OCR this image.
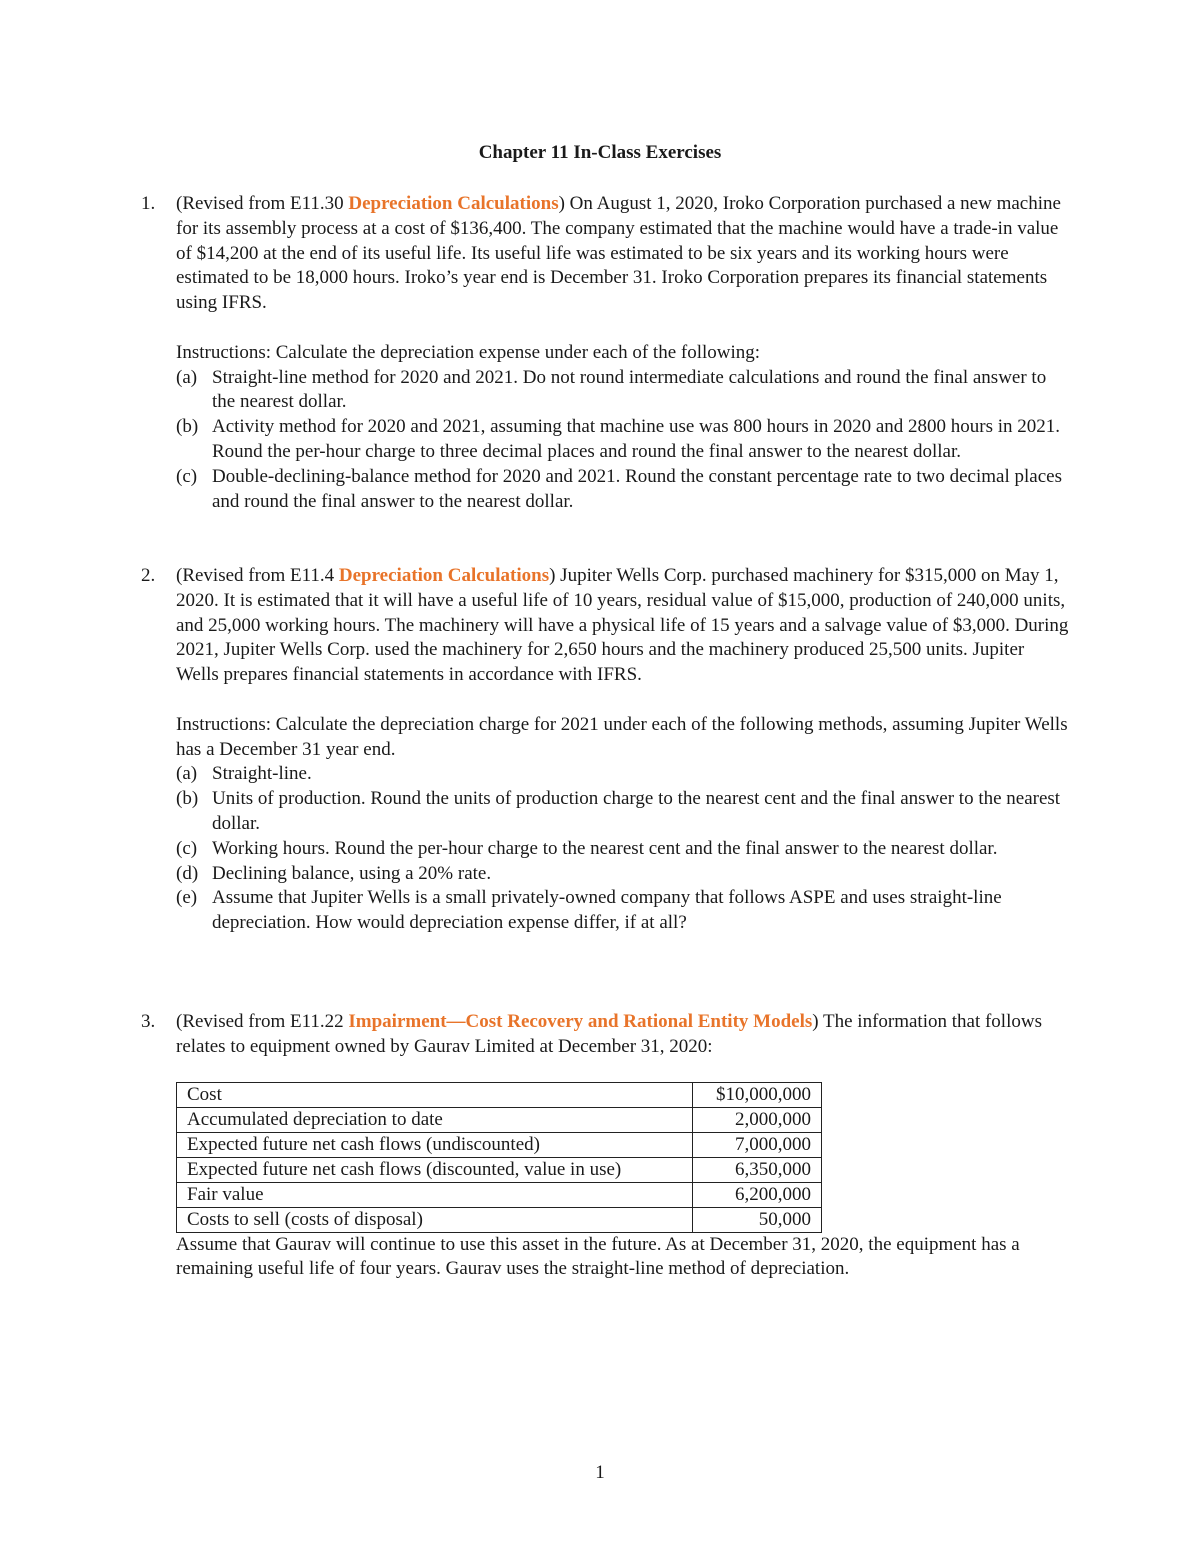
Chapter 11 In-Class Exercises
1. (Revised from E11.30 Depreciation Calculations) On August 1, 2020, Iroko Corporation purchased a new machine for its assembly process at a cost of $136,400. The company estimated that the machine would have a trade-in value of $14,200 at the end of its useful life. Its useful life was estimated to be six years and its working hours were estimated to be 18,000 hours. Iroko’s year end is December 31. Iroko Corporation prepares its financial statements using IFRS.

Instructions: Calculate the depreciation expense under each of the following:

(a) Straight-line method for 2020 and 2021. Do not round intermediate calculations and round the final answer to the nearest dollar.
(b) Activity method for 2020 and 2021, assuming that machine use was 800 hours in 2020 and 2800 hours in 2021. Round the per-hour charge to three decimal places and round the final answer to the nearest dollar.
(c) Double-declining-balance method for 2020 and 2021. Round the constant percentage rate to two decimal places and round the final answer to the nearest dollar.
2. (Revised from E11.4 Depreciation Calculations) Jupiter Wells Corp. purchased machinery for $315,000 on May 1, 2020. It is estimated that it will have a useful life of 10 years, residual value of $15,000, production of 240,000 units, and 25,000 working hours. The machinery will have a physical life of 15 years and a salvage value of $3,000. During 2021, Jupiter Wells Corp. used the machinery for 2,650 hours and the machinery produced 25,500 units. Jupiter Wells prepares financial statements in accordance with IFRS.

Instructions: Calculate the depreciation charge for 2021 under each of the following methods, assuming Jupiter Wells has a December 31 year end.

(a) Straight-line.
(b) Units of production. Round the units of production charge to the nearest cent and the final answer to the nearest dollar.
(c) Working hours. Round the per-hour charge to the nearest cent and the final answer to the nearest dollar.
(d) Declining balance, using a 20% rate.
(e) Assume that Jupiter Wells is a small privately-owned company that follows ASPE and uses straight-line depreciation. How would depreciation expense differ, if at all?
3. (Revised from E11.22 Impairment—Cost Recovery and Rational Entity Models) The information that follows relates to equipment owned by Gaurav Limited at December 31, 2020:

Cost	$10,000,000
Accumulated depreciation to date	2,000,000
Expected future net cash flows (undiscounted)	7,000,000
Expected future net cash flows (discounted, value in use)	6,350,000
Fair value	6,200,000
Costs to sell (costs of disposal)	50,000

Assume that Gaurav will continue to use this asset in the future. As at December 31, 2020, the equipment has a remaining useful life of four years. Gaurav uses the straight-line method of depreciation.

1
